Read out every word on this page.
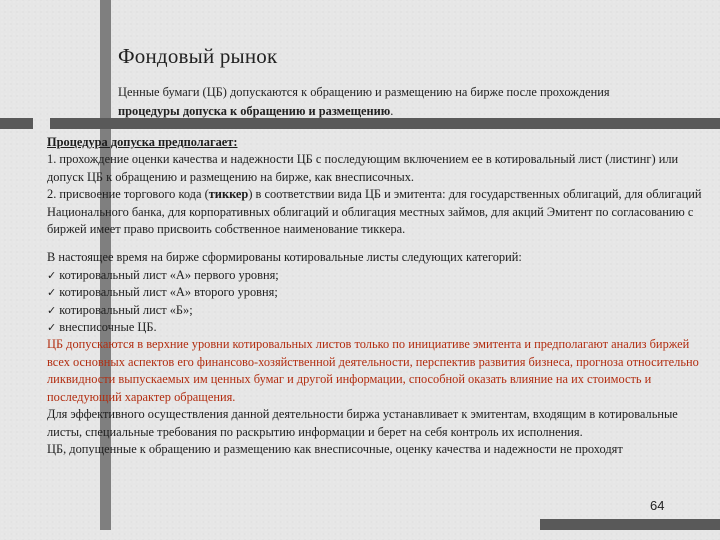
Фондовый рынок
Ценные бумаги (ЦБ) допускаются к обращению и размещению на бирже после прохождения
процедуры допуска к обращению и размещению.

Процедура допуска предполагает:

1. прохождение оценки качества и надежности ЦБ с последующим включением ее в котировальный лист (листинг) или допуск ЦБ к обращению и размещению на бирже, как внесписочных.

2. присвоение торгового кода (тиккер) в соответствии вида ЦБ и эмитента: для государственных облигаций, для облигаций Национального банка, для корпоративных облигаций и облигация местных займов, для акций Эмитент по согласованию с биржей имеет право присвоить собственное наименование тиккера.

В настоящее время на бирже сформированы котировальные листы следующих категорий:

✓ котировальный лист «А» первого уровня;

✓ котировальный лист «А» второго уровня;

✓ котировальный лист «Б»;

✓ внесписочные ЦБ.

ЦБ допускаются в верхние уровни котировальных листов только по инициативе эмитента и предполагают анализ биржей всех основных аспектов его финансово-хозяйственной деятельности, перспектив развития бизнеса, прогноза относительно ликвидности выпускаемых им ценных бумаг и другой информации, способной оказать влияние на их стоимость и последующий характер обращения.

Для эффективного осуществления данной деятельности биржа устанавливает к эмитентам, входящим в котировальные листы, специальные требования по раскрытию информации и берет на себя контроль их исполнения.

ЦБ, допущенные к обращению и размещению как внесписочные, оценку качества и надежности не проходят

64
